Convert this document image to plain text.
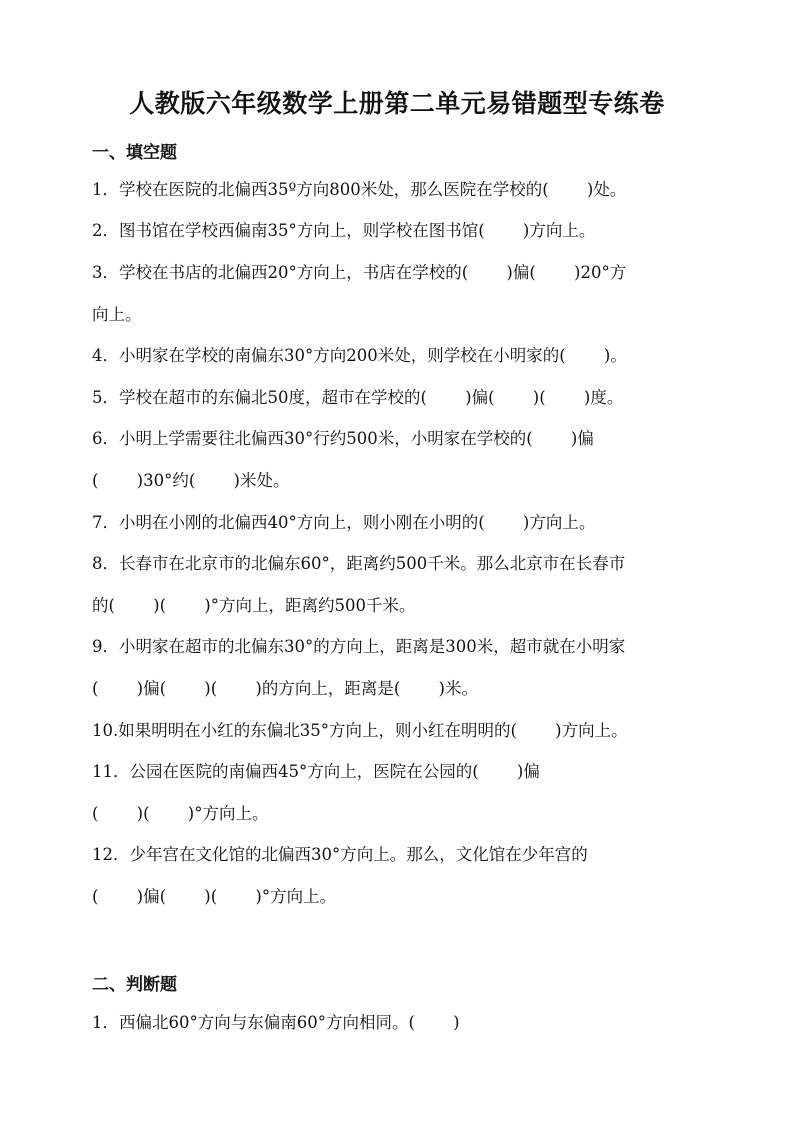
人教版六年级数学上册第二单元易错题型专练卷
一、填空题
1．学校在医院的北偏西35º方向800米处，那么医院在学校的(　　 )处。
2．图书馆在学校西偏南35°方向上，则学校在图书馆(　　 )方向上。
3．学校在书店的北偏西20°方向上，书店在学校的(　　 )偏(　　 )20°方
向上。
4．小明家在学校的南偏东30°方向200米处，则学校在小明家的(　　 )。
5．学校在超市的东偏北50度，超市在学校的(　　 )偏(　　 )(　　 )度。
6．小明上学需要往北偏西30°行约500米，小明家在学校的(　　 )偏
(　　 )30°约(　　 )米处。
7．小明在小刚的北偏西40°方向上，则小刚在小明的(　　 )方向上。
8．长春市在北京市的北偏东60°，距离约500千米。那么北京市在长春市
的(　　 )(　　 )°方向上，距离约500千米。
9．小明家在超市的北偏东30°的方向上，距离是300米，超市就在小明家
(　　 )偏(　　 )(　　 )的方向上，距离是(　　 )米。
10.如果明明在小红的东偏北35°方向上，则小红在明明的(　　 )方向上。
11．公园在医院的南偏西45°方向上，医院在公园的(　　 )偏
(　　 )(　　 )°方向上。
12．少年宫在文化馆的北偏西30°方向上。那么，文化馆在少年宫的
(　　 )偏(　　 )(　　 )°方向上。
二、判断题
1．西偏北60°方向与东偏南60°方向相同。(　　 )
